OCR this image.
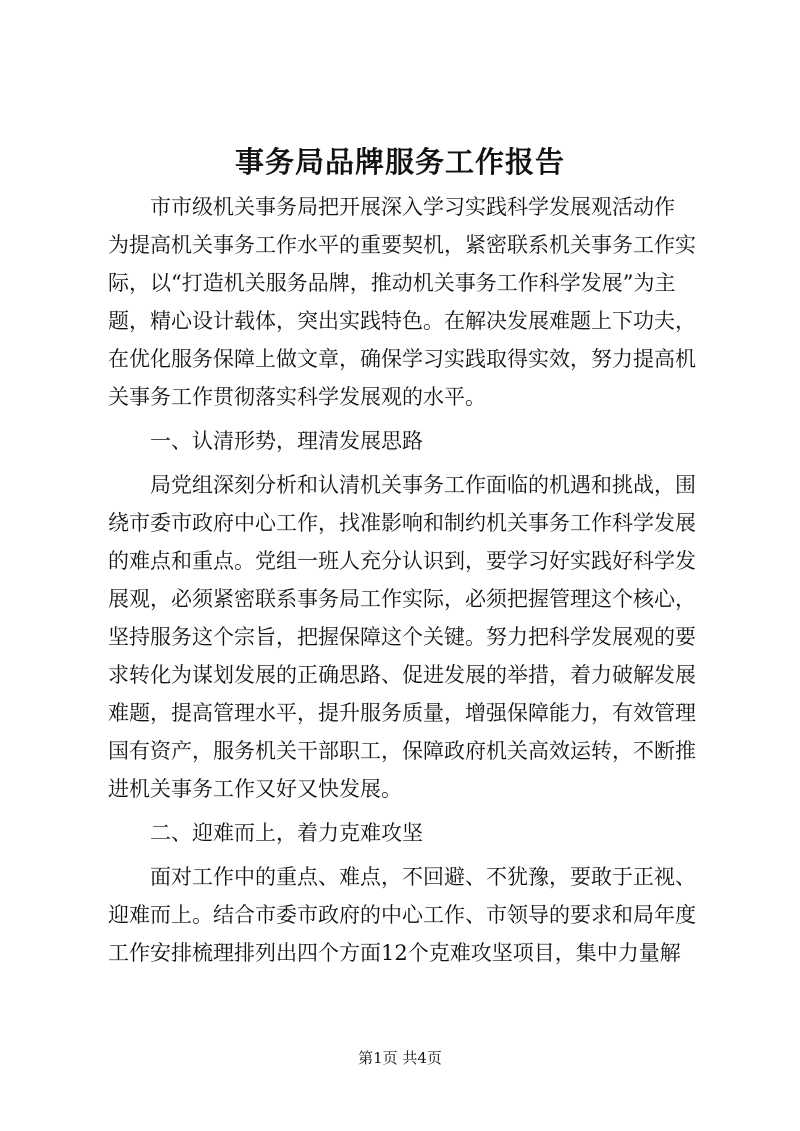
事务局品牌服务工作报告
　　市市级机关事务局把开展深入学习实践科学发展观活动作
为提高机关事务工作水平的重要契机，紧密联系机关事务工作实
际，以“打造机关服务品牌，推动机关事务工作科学发展”为主
题，精心设计载体，突出实践特色。在解决发展难题上下功夫，
在优化服务保障上做文章，确保学习实践取得实效，努力提高机
关事务工作贯彻落实科学发展观的水平。
　　一、认清形势，理清发展思路
　　局党组深刻分析和认清机关事务工作面临的机遇和挑战，围
绕市委市政府中心工作，找准影响和制约机关事务工作科学发展
的难点和重点。党组一班人充分认识到，要学习好实践好科学发
展观，必须紧密联系事务局工作实际，必须把握管理这个核心，
坚持服务这个宗旨，把握保障这个关键。努力把科学发展观的要
求转化为谋划发展的正确思路、促进发展的举措，着力破解发展
难题，提高管理水平，提升服务质量，增强保障能力，有效管理
国有资产，服务机关干部职工，保障政府机关高效运转，不断推
进机关事务工作又好又快发展。
　　二、迎难而上，着力克难攻坚
　　面对工作中的重点、难点，不回避、不犹豫，要敢于正视、
迎难而上。结合市委市政府的中心工作、市领导的要求和局年度
工作安排梳理排列出四个方面12个克难攻坚项目，集中力量解
第1页 共4页
